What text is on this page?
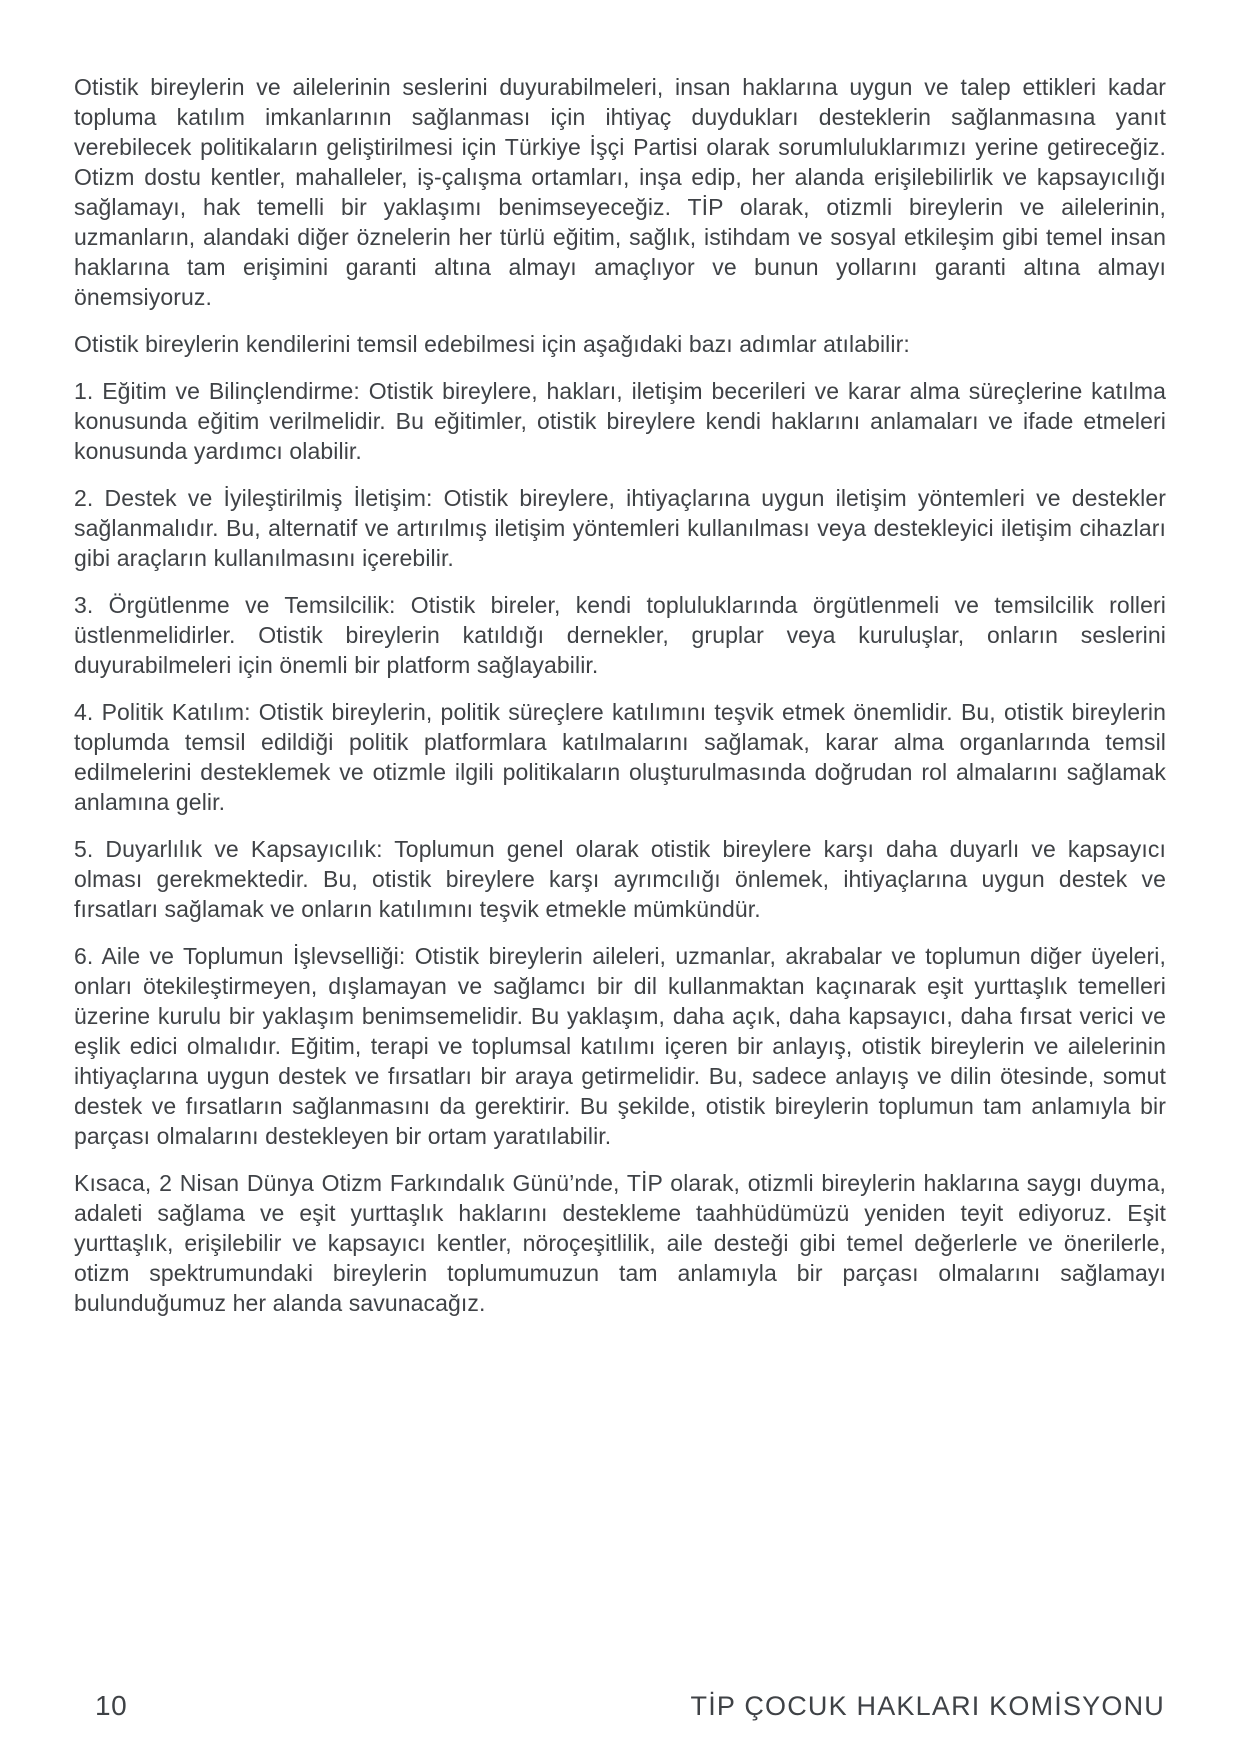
Otistik bireylerin ve ailelerinin seslerini duyurabilmeleri, insan haklarına uygun ve talep ettikleri kadar topluma katılım imkanlarının sağlanması için ihtiyaç duydukları desteklerin sağlanmasına yanıt verebilecek politikaların geliştirilmesi için Türkiye İşçi Partisi olarak sorumluluklarımızı yerine getireceğiz. Otizm dostu kentler, mahalleler, iş-çalışma ortamları, inşa edip, her alanda erişilebilirlik ve kapsayıcılığı sağlamayı, hak temelli bir yaklaşımı benimseyeceğiz. TİP olarak, otizmli bireylerin ve ailelerinin, uzmanların, alandaki diğer öznelerin her türlü eğitim, sağlık, istihdam ve sosyal etkileşim gibi temel insan haklarına tam erişimini garanti altına almayı amaçlıyor ve bunun yollarını garanti altına almayı önemsiyoruz.

Otistik bireylerin kendilerini temsil edebilmesi için aşağıdaki bazı adımlar atılabilir:

1. Eğitim ve Bilinçlendirme: Otistik bireylere, hakları, iletişim becerileri ve karar alma süreçlerine katılma konusunda eğitim verilmelidir. Bu eğitimler, otistik bireylere kendi haklarını anlamaları ve ifade etmeleri konusunda yardımcı olabilir.

2. Destek ve İyileştirilmiş İletişim: Otistik bireylere, ihtiyaçlarına uygun iletişim yöntemleri ve destekler sağlanmalıdır. Bu, alternatif ve artırılmış iletişim yöntemleri kullanılması veya destekleyici iletişim cihazları gibi araçların kullanılmasını içerebilir.

3. Örgütlenme ve Temsilcilik: Otistik bireler, kendi topluluklarında örgütlenmeli ve temsilcilik rolleri üstlenmelidirler. Otistik bireylerin katıldığı dernekler, gruplar veya kuruluşlar, onların seslerini duyurabilmeleri için önemli bir platform sağlayabilir.

4. Politik Katılım: Otistik bireylerin, politik süreçlere katılımını teşvik etmek önemlidir. Bu, otistik bireylerin toplumda temsil edildiği politik platformlara katılmalarını sağlamak, karar alma organlarında temsil edilmelerini desteklemek ve otizmle ilgili politikaların oluşturulmasında doğrudan rol almalarını sağlamak anlamına gelir.

5. Duyarlılık ve Kapsayıcılık: Toplumun genel olarak otistik bireylere karşı daha duyarlı ve kapsayıcı olması gerekmektedir. Bu, otistik bireylere karşı ayrımcılığı önlemek, ihtiyaçlarına uygun destek ve fırsatları sağlamak ve onların katılımını teşvik etmekle mümkündür.

6. Aile ve Toplumun İşlevselliği: Otistik bireylerin aileleri, uzmanlar, akrabalar ve toplumun diğer üyeleri, onları ötekileştirmeyen, dışlamayan ve sağlamcı bir dil kullanmaktan kaçınarak eşit yurttaşlık temelleri üzerine kurulu bir yaklaşım benimsemelidir. Bu yaklaşım, daha açık, daha kapsayıcı, daha fırsat verici ve eşlik edici olmalıdır. Eğitim, terapi ve toplumsal katılımı içeren bir anlayış, otistik bireylerin ve ailelerinin ihtiyaçlarına uygun destek ve fırsatları bir araya getirmelidir. Bu, sadece anlayış ve dilin ötesinde, somut destek ve fırsatların sağlanmasını da gerektirir. Bu şekilde, otistik bireylerin toplumun tam anlamıyla bir parçası olmalarını destekleyen bir ortam yaratılabilir.

Kısaca, 2 Nisan Dünya Otizm Farkındalık Günü’nde, TİP olarak, otizmli bireylerin haklarına saygı duyma, adaleti sağlama ve eşit yurttaşlık haklarını destekleme taahhüdümüzü yeniden teyit ediyoruz. Eşit yurttaşlık, erişilebilir ve kapsayıcı kentler, nöroçeşitlilik, aile desteği gibi temel değerlerle ve önerilerle, otizm spektrumundaki bireylerin toplumumuzun tam anlamıyla bir parçası olmalarını sağlamayı bulunduğumuz her alanda savunacağız.

10	TİP ÇOCUK HAKLARI KOMİSYONU
